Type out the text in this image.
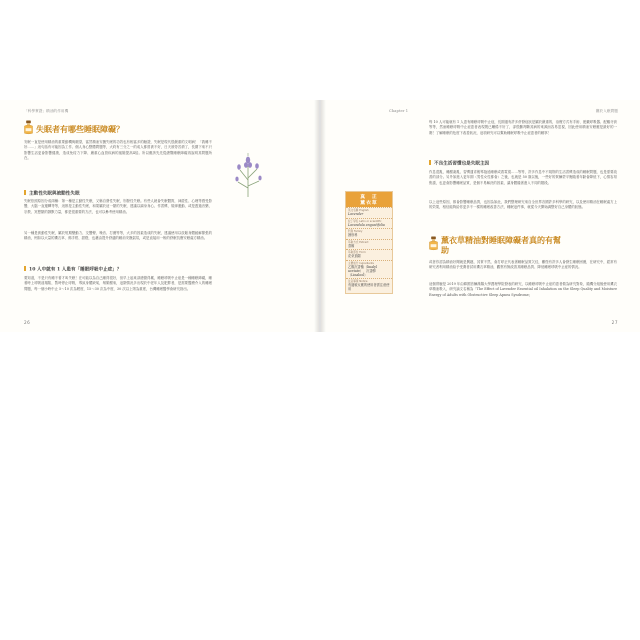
「科學實證」精油的作用機
失眠者有哪些睡眠障礙？

安眠一直是使用精油的重要動機與願望，當然精油安撫失眠的功效也有相當多的驗證，失眠是現代很嚴重的文明病！「我睡不好……」這句話有可能因為工作、個人身心整體問題等，大約有三分之一的成人都曾被不好，日天被勞苦煩了，長期下來不只影響生活更會影響健康，造成免疫力下降、嚴重心血管疾病的風險提高4倍。所以應該先先從總覽睡眠障礙再說明其問題所在。

主動性失眠與被動性失眠

失眠依照原因分成兩種：第一種是主動性失眠，又稱自發性失眠，別發性失眠。有些人就會失眠體質，神經性、心理等感受影響，大腦一直運轉等等，這都是主動性失眠，和果屬於這一類的失眠，建議以調身身心、作習慣、規律運動、或是透過音樂、宗教、冥想類的靜默力量，都是很重要的方法，也可以參考使用精油。

另一種是被動性失眠，屬於短期變動力、交響聲、噪音、打擾等等，大多的因素造成的失眠，建議使用以放鬆身體緩解緊張的精油，例如以大量的薰衣草、佛手柑、甜橙，也藉由提升舒適的睡前安撫氣氛，或是直接用一般的舒眠抗療安眠處方精油。

10 人中就有 1 人患有「睡眠呼吸中止症」？

要知道，不是只有睡不著才叫失眠！在可能以為自己睡得很好，但早上起來卻總覺得累，睡眠呼吸中止症是一種睡眠障礙，睡著時上呼吸道塌陷，暫時停止呼吸，導致身體缺氧，頻繁醒來，這類情況多出現於中老年人及肥胖者，是需要醫療介入的睡眠問題，每一個小時中止 5～10 次為輕度，15～30 次為中度，30 次以上則為重度，台灣睡眠醫學會研究指出。

26
Chapter 1	關於入眠問題
真　正
薰衣草
英文名稱 English
Lavender
拉丁學名 Latin or scientific
Lavandula angustifolia
科別 Family
唇形科
萃取方式 Extract
蒸餾
萃取部位 Form
花朵頂端
主要成分 Ingredients
乙酸沉香酯（linalyl acetate）、沉香醇（Linalool）
注意事項 Notice
有過敏反應的使用者需注意使用

每 10 人可能就有 1 人患有睡眠呼吸中止症，長期還有許多併發症狀是屬於嚴重的，治療方式有手術、配戴呼吸器、配戴牙套等等，然而睡眠呼吸中止症患者表現既已睏倦不好了，卻很難判斷其病的來源而容易忽視，因此使用精油安眠應是最好的一劑！了解睡眠的危度下改善狀況，這項研究可以幫助睡眠呼吸中止症患者的睡寧！

不良生活習慣也是失眠主因

作息混亂，睡醒紊亂、習慣通宵報導拖延睡眠或看電視……等等，許多作息中不規則的生活習慣造成的睡眠問題，也是需要改善的部分。另外如進入更年期（男性女性都會）之後，也就是 50 歲以後，一些好的賀爾蒙平衡隨著年齡會降低下，心情容易焦慮，也更會影響睡眠品質，是個不易解決的因素，讓身體隨著進入不同的階段。

以上這些原因，都會影響睡眠品質，也因為如此，我們整理研究來自全世界各國許多科學的研究，以及使用精油在睡眠處方上的效果，相信能夠給你更多不一樣的睡眠改善方法，睡眠這件事，就從今天開始調整好自己身體的狀態。

薰衣草精油對睡眠障礙者真的有幫助

或者你認為精油好聞就是興趣，其實不然，會打呼正代表著睡眠品質欠佳，難怪有許多人會發生睡眠困擾，在研究中，經常有研究者利用精油給予受測者試用薰衣草精油，觀察有無改善其睡眠品質、降低睡眠呼吸中止症的情況。

這個實驗是 2019 年由韓國首爾漢陽大學護理學院發表的研究，以睡眠呼吸中止症的患者做為研究對象，隨機分組後使用薰衣草精油吸入，研究論文名稱為「The Effect of Lavender Essential oil Inhalation on the Sleep Quality and Moisture Energy of Adults with Obstructive Sleep Apnea Syndrome」

27
